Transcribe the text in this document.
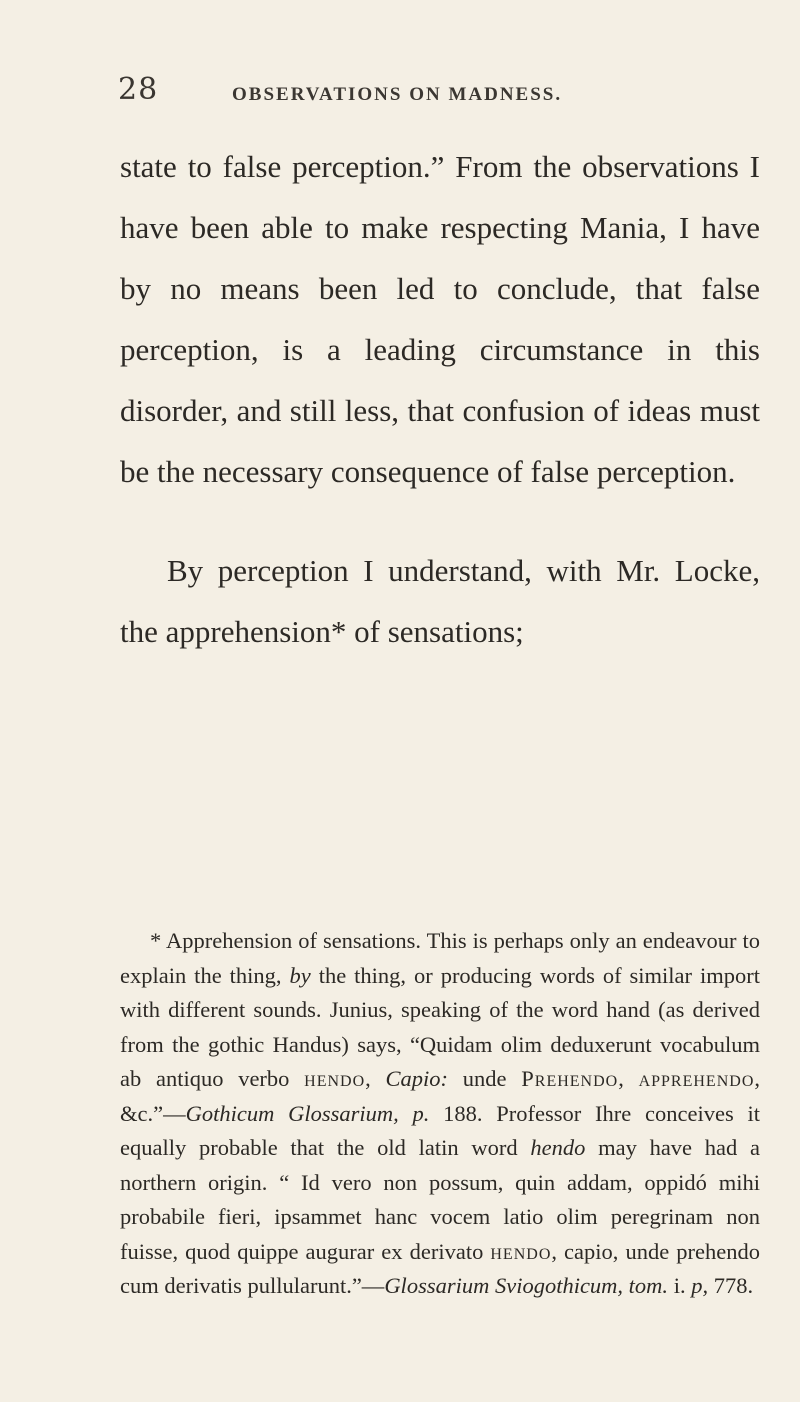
28	OBSERVATIONS ON MADNESS.

state to false perception.” From the observations I have been able to make respecting Mania, I have by no means been led to conclude, that false perception, is a leading circumstance in this disorder, and still less, that confusion of ideas must be the necessary consequence of false perception.

By perception I understand, with Mr. Locke, the apprehension* of sensations;

* Apprehension of sensations. This is perhaps only an endeavour to explain the thing, by the thing, or producing words of similar import with different sounds. Junius, speaking of the word hand (as derived from the gothic Handus) says, “Quidam olim deduxerunt vocabulum ab antiquo verbo hendo, Capio: unde Prehendo, apprehendo, &c.”—Gothicum Glossarium, p. 188. Professor Ihre conceives it equally probable that the old latin word hendo may have had a northern origin. “ Id vero non possum, quin addam, oppidó mihi probabile fieri, ipsammet hanc vocem latio olim peregrinam non fuisse, quod quippe augurar ex derivato hendo, capio, unde prehendo cum derivatis pullularunt.”—Glossarium Sviogothicum, tom. i. p, 778.
